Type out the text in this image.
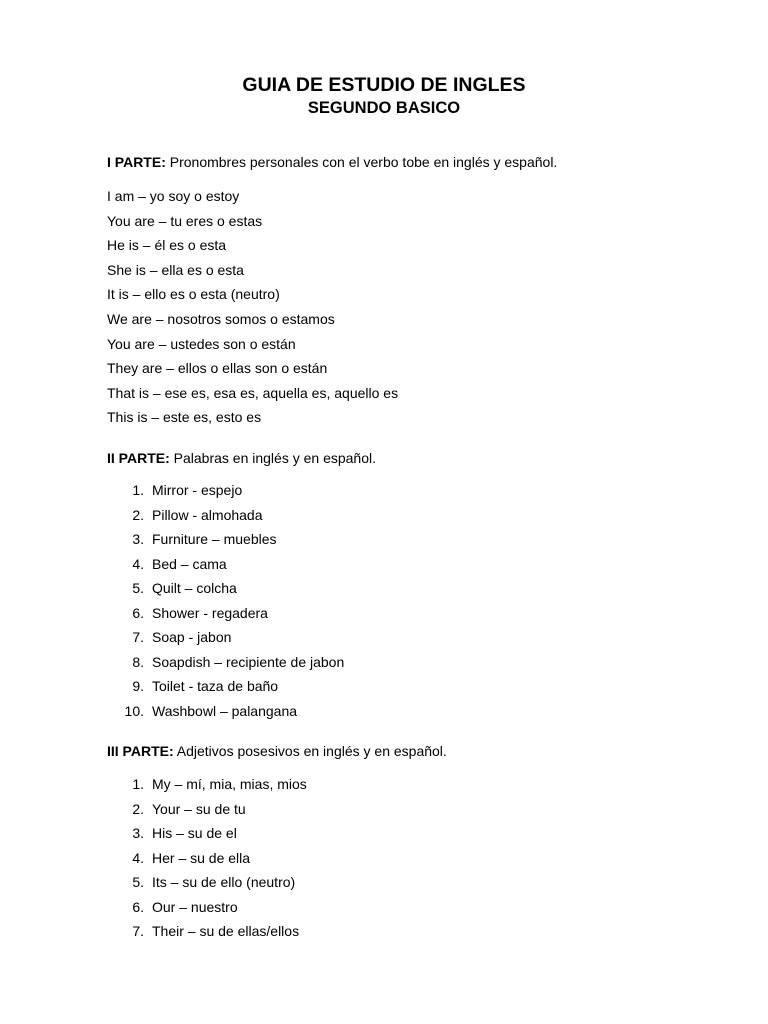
GUIA DE ESTUDIO DE INGLES
SEGUNDO BASICO
I PARTE: Pronombres personales con el verbo tobe en inglés y español.
I am – yo soy o estoy
You are – tu eres o estas
He is – él es o esta
She is – ella es o esta
It is – ello es o esta (neutro)
We are – nosotros somos o estamos
You are – ustedes son o están
They are – ellos o ellas son o están
That is – ese es, esa es, aquella es, aquello es
This is – este es, esto es
II PARTE: Palabras en inglés y en español.
1. Mirror - espejo
2. Pillow - almohada
3. Furniture – muebles
4. Bed – cama
5. Quilt – colcha
6. Shower - regadera
7. Soap - jabon
8. Soapdish – recipiente de jabon
9. Toilet - taza de baño
10. Washbowl – palangana
III PARTE: Adjetivos posesivos en inglés y en español.
1. My – mí, mia, mias, mios
2. Your – su de tu
3. His – su de el
4. Her – su de ella
5. Its – su de ello (neutro)
6. Our – nuestro
7. Their – su de ellas/ellos
